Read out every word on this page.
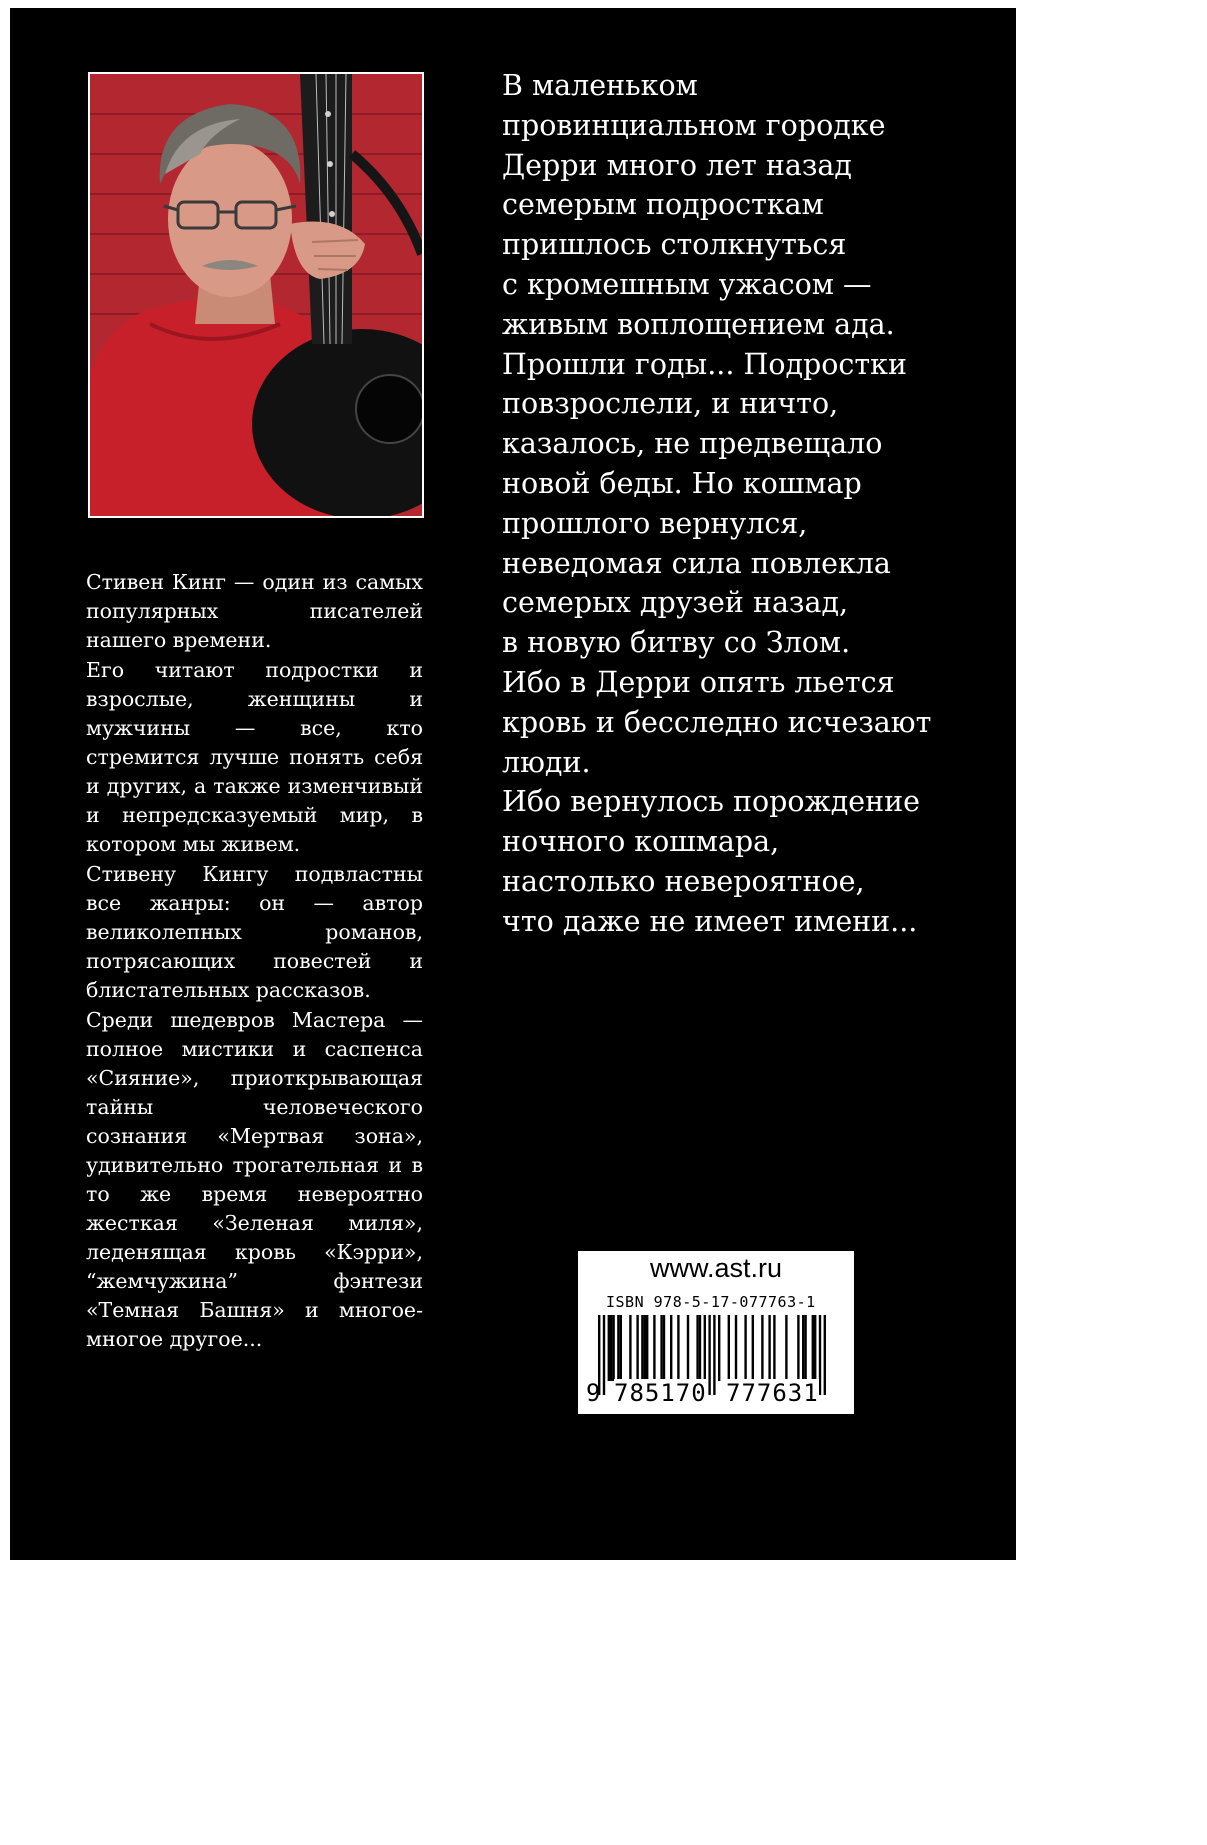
Стивен Кинг — один из самых популярных писателей нашего времени.

Его читают подростки и взрослые, женщины и мужчины — все, кто стремится лучше понять себя и других, а также изменчивый и непредсказуемый мир, в котором мы живем.

Стивену Кингу подвластны все жанры: он — автор великолепных романов, потрясающих повестей и блистательных рассказов.

Среди шедевров Мастера — полное мистики и саспенса «Сияние», приоткрывающая тайны человеческого сознания «Мертвая зона», удивительно трогательная и в то же время невероятно жесткая «Зеленая миля», леденящая кровь «Кэрри», “жемчужина” фэнтези «Темная Башня» и многое-многое другое...

В маленьком
провинциальном городке
Дерри много лет назад
семерым подросткам
пришлось столкнуться
с кромешным ужасом —
живым воплощением ада.
Прошли годы... Подростки
повзрослели, и ничто,
казалось, не предвещало
новой беды. Но кошмар
прошлого вернулся,
неведомая сила повлекла
семерых друзей назад,
в новую битву со Злом.
Ибо в Дерри опять льется
кровь и бесследно исчезают
люди.
Ибо вернулось порождение
ночного кошмара,
настолько невероятное,
что даже не имеет имени...
www.ast.ru
ISBN 978-5-17-077763-1
9 785170 777631
